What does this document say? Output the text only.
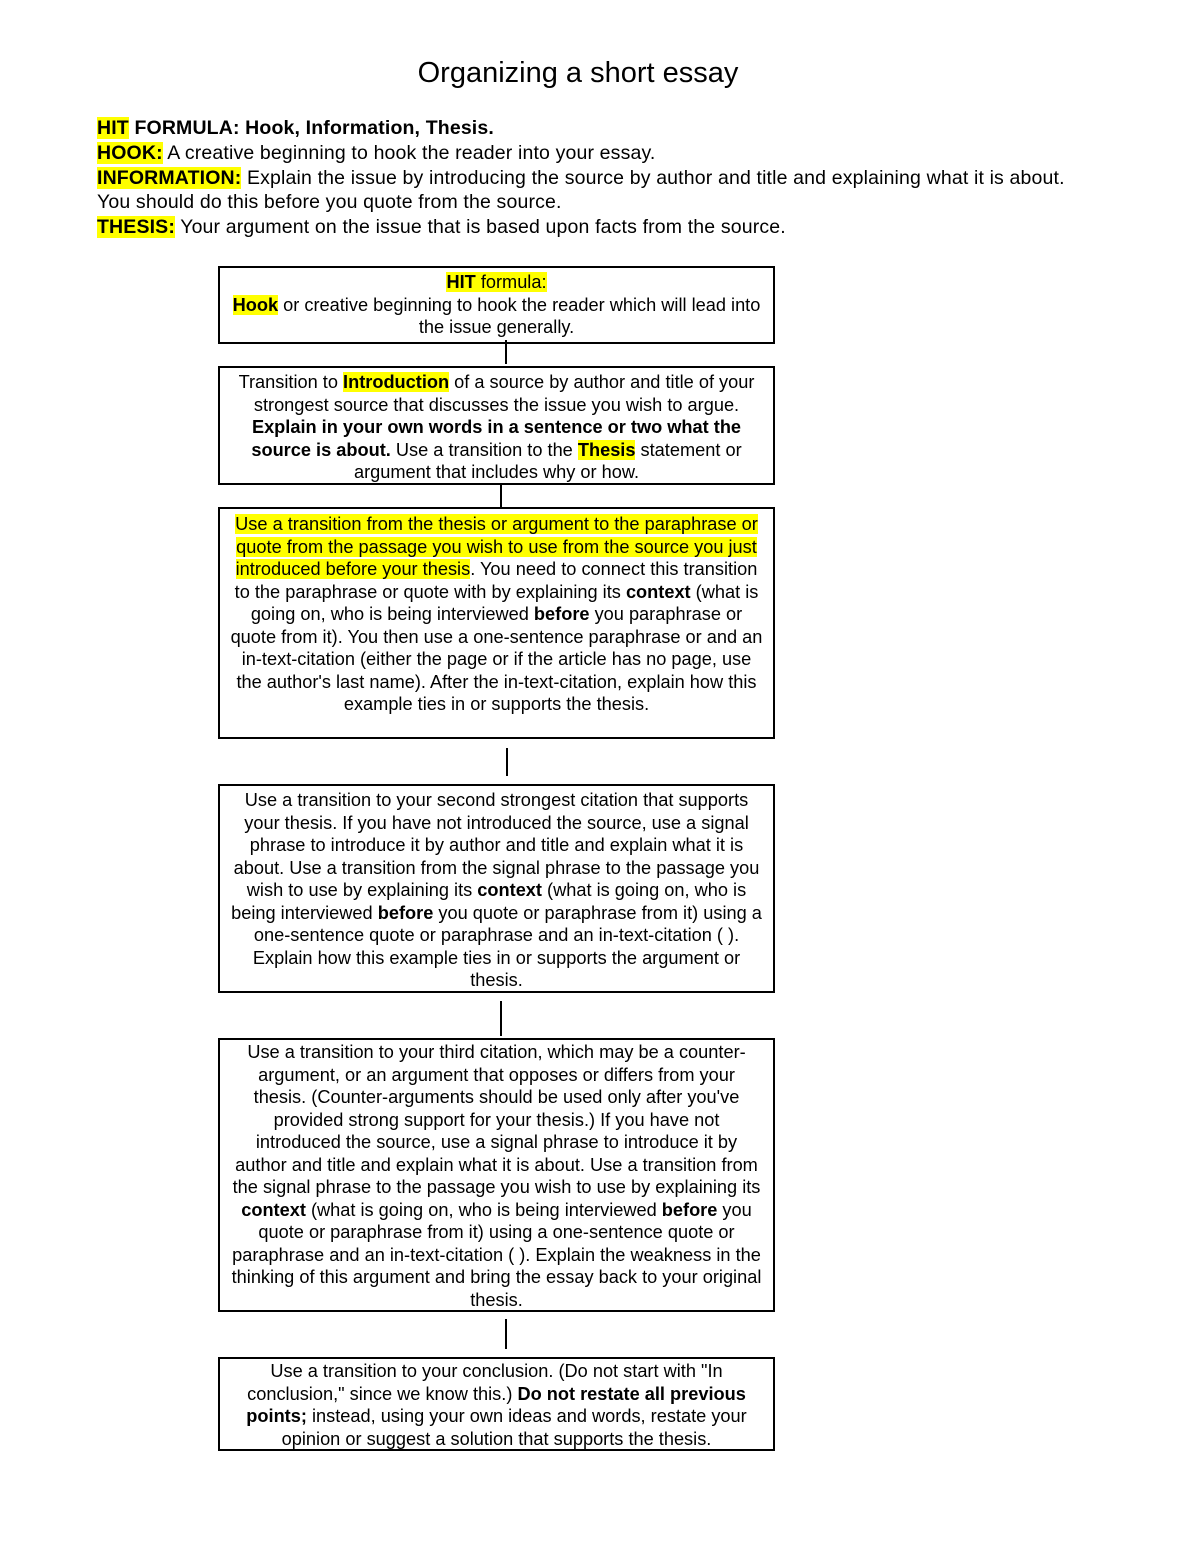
Organizing a short essay

HIT FORMULA: Hook, Information, Thesis.

HOOK: A creative beginning to hook the reader into your essay.

INFORMATION: Explain the issue by introducing the source by author and title and explaining what it is about. You should do this before you quote from the source.

THESIS: Your argument on the issue that is based upon facts from the source.

HIT formula:
Hook or creative beginning to hook the reader which will lead into the issue generally.

Transition to Introduction of a source by author and title of your strongest source that discusses the issue you wish to argue. Explain in your own words in a sentence or two what the source is about. Use a transition to the Thesis statement or argument that includes why or how.

Use a transition from the thesis or argument to the paraphrase or quote from the passage you wish to use from the source you just introduced before your thesis. You need to connect this transition to the paraphrase or quote with by explaining its context (what is going on, who is being interviewed before you paraphrase or quote from it). You then use a one-sentence paraphrase or and an in-text-citation (either the page or if the article has no page, use the author's last name). After the in-text-citation, explain how this example ties in or supports the thesis.

Use a transition to your second strongest citation that supports your thesis. If you have not introduced the source, use a signal phrase to introduce it by author and title and explain what it is about. Use a transition from the signal phrase to the passage you wish to use by explaining its context (what is going on, who is being interviewed before you quote or paraphrase from it) using a one-sentence quote or paraphrase and an in-text-citation ( ). Explain how this example ties in or supports the argument or thesis.

Use a transition to your third citation, which may be a counter-argument, or an argument that opposes or differs from your thesis. (Counter-arguments should be used only after you've provided strong support for your thesis.) If you have not introduced the source, use a signal phrase to introduce it by author and title and explain what it is about. Use a transition from the signal phrase to the passage you wish to use by explaining its context (what is going on, who is being interviewed before you quote or paraphrase from it) using a one-sentence quote or paraphrase and an in-text-citation ( ). Explain the weakness in the thinking of this argument and bring the essay back to your original thesis.

Use a transition to your conclusion. (Do not start with "In conclusion," since we know this.) Do not restate all previous points; instead, using your own ideas and words, restate your opinion or suggest a solution that supports the thesis.
